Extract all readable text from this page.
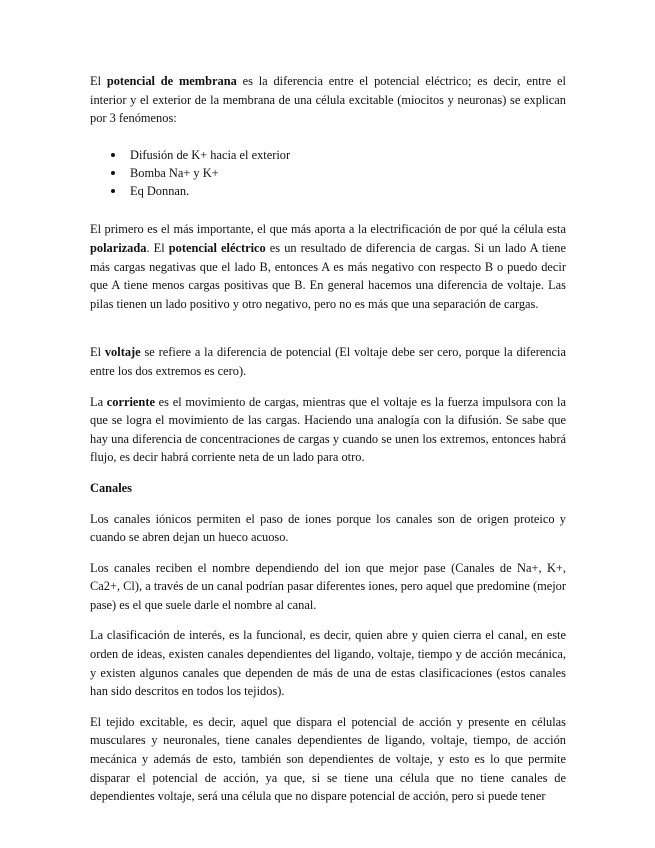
El potencial de membrana es la diferencia entre el potencial eléctrico; es decir, entre el interior y el exterior de la membrana de una célula excitable (miocitos y neuronas) se explican por 3 fenómenos:

Difusión de K+ hacia el exterior
Bomba Na+ y K+
Eq Donnan.

El primero es el más importante, el que más aporta a la electrificación de por qué la célula esta polarizada. El potencial eléctrico es un resultado de diferencia de cargas. Si un lado A tiene más cargas negativas que el lado B, entonces A es más negativo con respecto B o puedo decir que A tiene menos cargas positivas que B. En general hacemos una diferencia de voltaje. Las pilas tienen un lado positivo y otro negativo, pero no es más que una separación de cargas.

El voltaje se refiere a la diferencia de potencial (El voltaje debe ser cero, porque la diferencia entre los dos extremos es cero).

La corriente es el movimiento de cargas, mientras que el voltaje es la fuerza impulsora con la que se logra el movimiento de las cargas. Haciendo una analogía con la difusión. Se sabe que hay una diferencia de concentraciones de cargas y cuando se unen los extremos, entonces habrá flujo, es decir habrá corriente neta de un lado para otro.

Canales

Los canales iónicos permiten el paso de iones porque los canales son de origen proteico y cuando se abren dejan un hueco acuoso.

Los canales reciben el nombre dependiendo del ion que mejor pase (Canales de Na+, K+, Ca2+, Cl), a través de un canal podrían pasar diferentes iones, pero aquel que predomine (mejor pase) es el que suele darle el nombre al canal.

La clasificación de interés, es la funcional, es decir, quien abre y quien cierra el canal, en este orden de ideas, existen canales dependientes del ligando, voltaje, tiempo y de acción mecánica, y existen algunos canales que dependen de más de una de estas clasificaciones (estos canales han sido descritos en todos los tejidos).

El tejido excitable, es decir, aquel que dispara el potencial de acción y presente en células musculares y neuronales, tiene canales dependientes de ligando, voltaje, tiempo, de acción mecánica y además de esto, también son dependientes de voltaje, y esto es lo que permite disparar el potencial de acción, ya que, si se tiene una célula que no tiene canales de dependientes voltaje, será una célula que no dispare potencial de acción, pero si puede tener
